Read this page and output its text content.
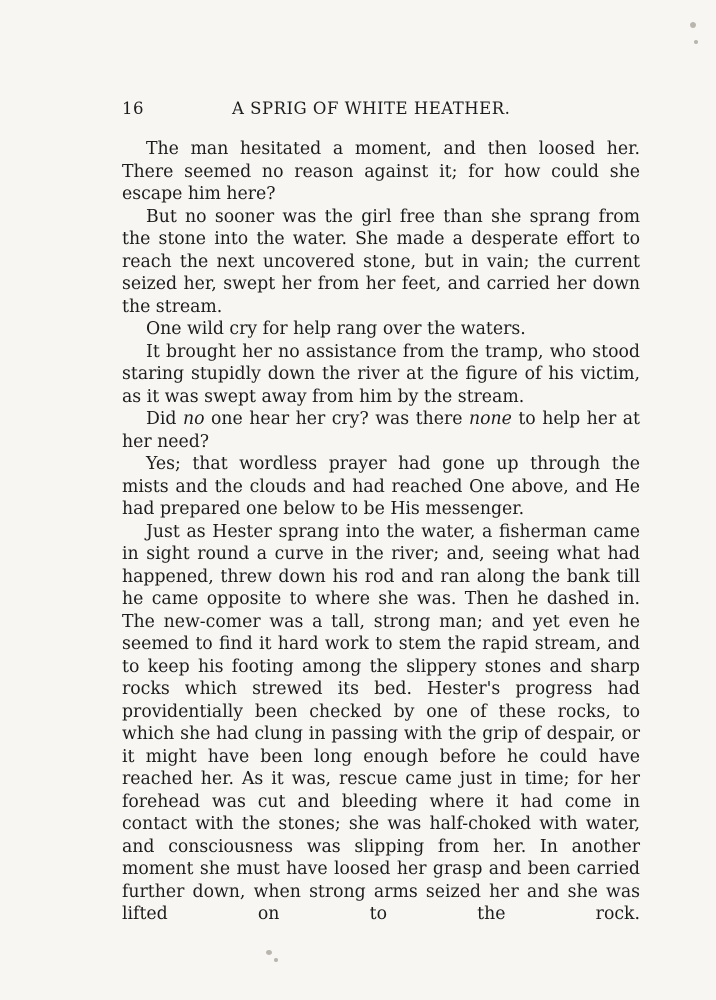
16	A SPRIG OF WHITE HEATHER.

The man hesitated a moment, and then loosed her. There seemed no reason against it; for how could she escape him here?

But no sooner was the girl free than she sprang from the stone into the water. She made a desperate effort to reach the next uncovered stone, but in vain; the current seized her, swept her from her feet, and carried her down the stream.

One wild cry for help rang over the waters.

It brought her no assistance from the tramp, who stood staring stupidly down the river at the figure of his victim, as it was swept away from him by the stream.

Did no one hear her cry? was there none to help her at her need?

Yes; that wordless prayer had gone up through the mists and the clouds and had reached One above, and He had prepared one below to be His messenger.

Just as Hester sprang into the water, a fisherman came in sight round a curve in the river; and, seeing what had happened, threw down his rod and ran along the bank till he came opposite to where she was. Then he dashed in. The new-comer was a tall, strong man; and yet even he seemed to find it hard work to stem the rapid stream, and to keep his footing among the slippery stones and sharp rocks which strewed its bed. Hester's progress had providentially been checked by one of these rocks, to which she had clung in passing with the grip of despair, or it might have been long enough before he could have reached her. As it was, rescue came just in time; for her forehead was cut and bleeding where it had come in contact with the stones; she was half-choked with water, and consciousness was slipping from her. In another moment she must have loosed her grasp and been carried further down, when strong arms seized her and she was lifted on to the rock.
